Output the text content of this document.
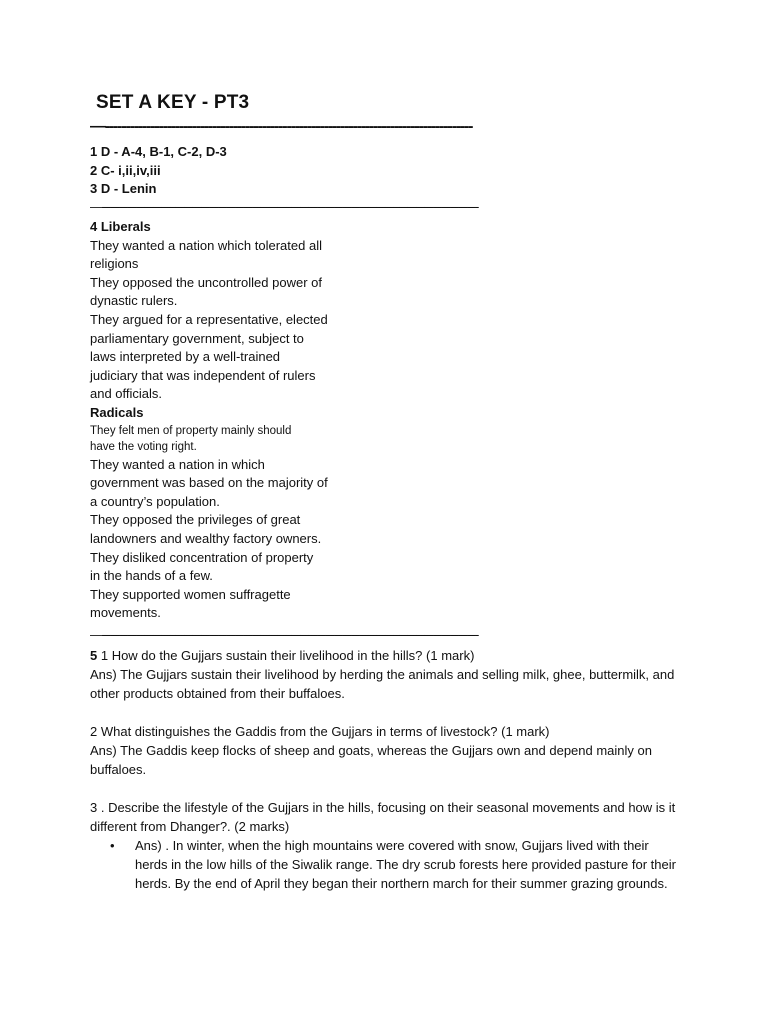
SET A KEY - PT3
—-----------------------------------------------------------------------------------------
1 D - A-4, B-1, C-2, D-3
2 C- i,ii,iv,iii
3 D - Lenin
—-------------------------------------------------------------------------------------------------------------------------------------
4 Liberals
They wanted a nation which tolerated all
religions
They opposed the uncontrolled power of
dynastic rulers.
They argued for a representative, elected
parliamentary government, subject to
laws interpreted by a well-trained
judiciary that was independent of rulers
and officials.
Radicals
They felt men of property mainly should
have the voting right.
They wanted a nation in which
government was based on the majority of
a country’s population.
They opposed the privileges of great
landowners and wealthy factory owners.
They disliked concentration of property
in the hands of a few.
They supported women suffragette
movements.
—-------------------------------------------------------------------------------------------------------------------------------------

5 1 How do the Gujjars sustain their livelihood in the hills? (1 mark)

Ans) The Gujjars sustain their livelihood by herding the animals and selling milk, ghee, buttermilk, and other products obtained from their buffaloes.

2 What distinguishes the Gaddis from the Gujjars in terms of livestock? (1 mark)

Ans) The Gaddis keep flocks of sheep and goats, whereas the Gujjars own and depend mainly on buffaloes.

3 . Describe the lifestyle of the Gujjars in the hills, focusing on their seasonal movements and how is it different from Dhanger?. (2 marks)

• Ans) . In winter, when the high mountains were covered with snow, Gujjars lived with their herds in the low hills of the Siwalik range. The dry scrub forests here provided pasture for their herds. By the end of April they began their northern march for their summer grazing grounds.
